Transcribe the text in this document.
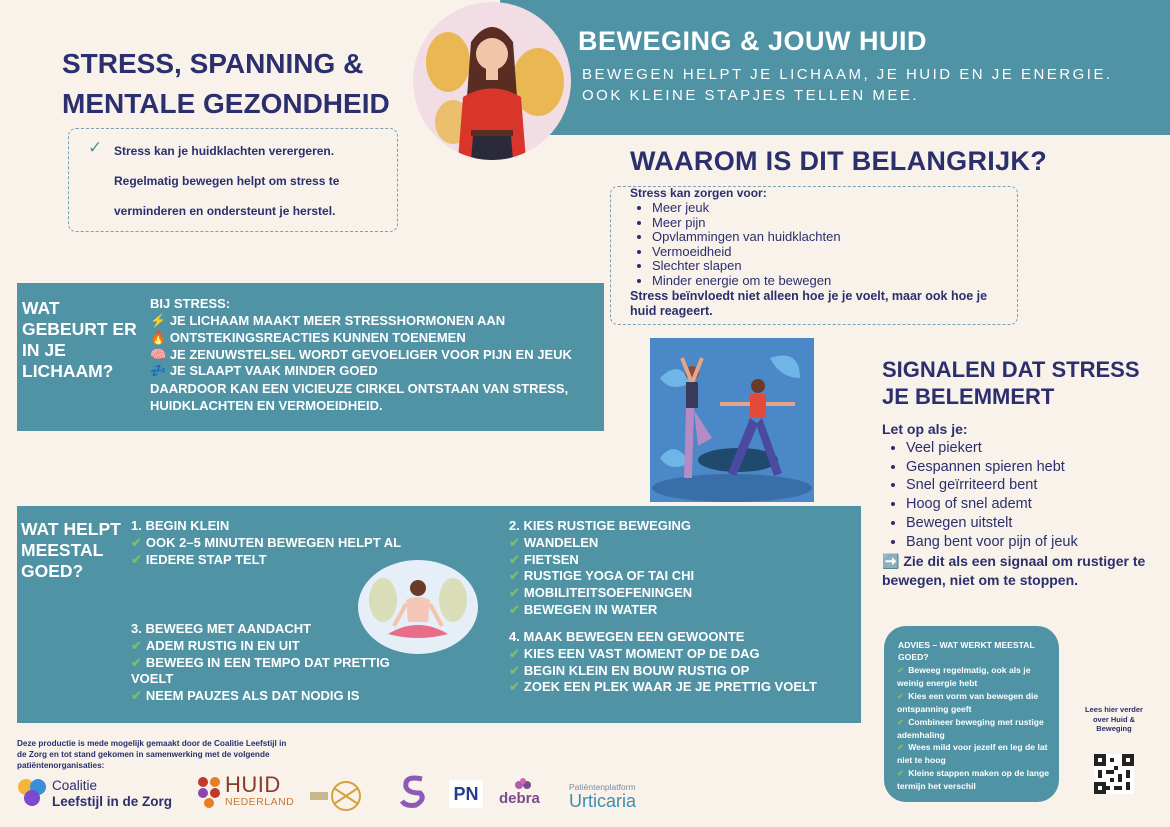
BEWEGING & JOUW HUID
BEWEGEN HELPT JE LICHAAM, JE HUID EN JE ENERGIE. OOK KLEINE STAPJES TELLEN MEE.
STRESS, SPANNING & MENTALE GEZONDHEID
✓ Stress kan je huidklachten verergeren.
Regelmatig bewegen helpt om stress te
verminderen en ondersteunt je herstel.
WAAROM IS DIT BELANGRIJK?
Stress kan zorgen voor:
• Meer jeuk
• Meer pijn
• Opvlammingen van huidklachten
• Vermoeidheid
• Slechter slapen
• Minder energie om te bewegen
Stress beïnvloedt niet alleen hoe je je voelt, maar ook hoe je huid reageert.
WAT GEBEURT ER IN JE LICHAAM?
BIJ STRESS:
⚡ JE LICHAAM MAAKT MEER STRESSHORMONEN AAN
🔥 ONTSTEKINGSREACTIES KUNNEN TOENEMEN
🧠 JE ZENUWSTELSEL WORDT GEVOELIGER VOOR PIJN EN JEUK
💤 JE SLAAPT VAAK MINDER GOED
DAARDOOR KAN EEN VICIEUZE CIRKEL ONTSTAAN VAN STRESS, HUIDKLACHTEN EN VERMOEIDHEID.
SIGNALEN DAT STRESS JE BELEMMERT
Let op als je:
• Veel piekert
• Gespannen spieren hebt
• Snel geïrriteerd bent
• Hoog of snel ademt
• Bewegen uitstelt
• Bang bent voor pijn of jeuk
➡️ Zie dit als een signaal om rustiger te bewegen, niet om te stoppen.
WAT HELPT MEESTAL GOED?
1. BEGIN KLEIN
✔ OOK 2–5 MINUTEN BEWEGEN HELPT AL
✔ IEDERE STAP TELT
2. KIES RUSTIGE BEWEGING
✔ WANDELEN
✔ FIETSEN
✔ RUSTIGE YOGA OF TAI CHI
✔ MOBILITEITSOEFENINGEN
✔ BEWEGEN IN WATER
3. BEWEEG MET AANDACHT
✔ ADEM RUSTIG IN EN UIT
✔ BEWEEG IN EEN TEMPO DAT PRETTIG VOELT
✔ NEEM PAUZES ALS DAT NODIG IS
4. MAAK BEWEGEN EEN GEWOONTE
✔ KIES EEN VAST MOMENT OP DE DAG
✔ BEGIN KLEIN EN BOUW RUSTIG OP
✔ ZOEK EEN PLEK WAAR JE JE PRETTIG VOELT
ADVIES – WAT WERKT MEESTAL GOED?
✔ Beweeg regelmatig, ook als je weinig energie hebt
✔ Kies een vorm van bewegen die ontspanning geeft
✔ Combineer beweging met rustige ademhaling
✔ Wees mild voor jezelf en leg de lat niet te hoog
✔ Kleine stappen maken op de lange termijn het verschil
Lees hier verder over Huid & Beweging
Deze productie is mede mogelijk gemaakt door de Coalitie Leefstijl in de Zorg en tot stand gekomen in samenwerking met de volgende patiëntenorganisaties:
Coalitie
Leefstijl in de Zorg
HUID
NEDERLAND	PN debra
Patiëntenplatform
Urticaria
